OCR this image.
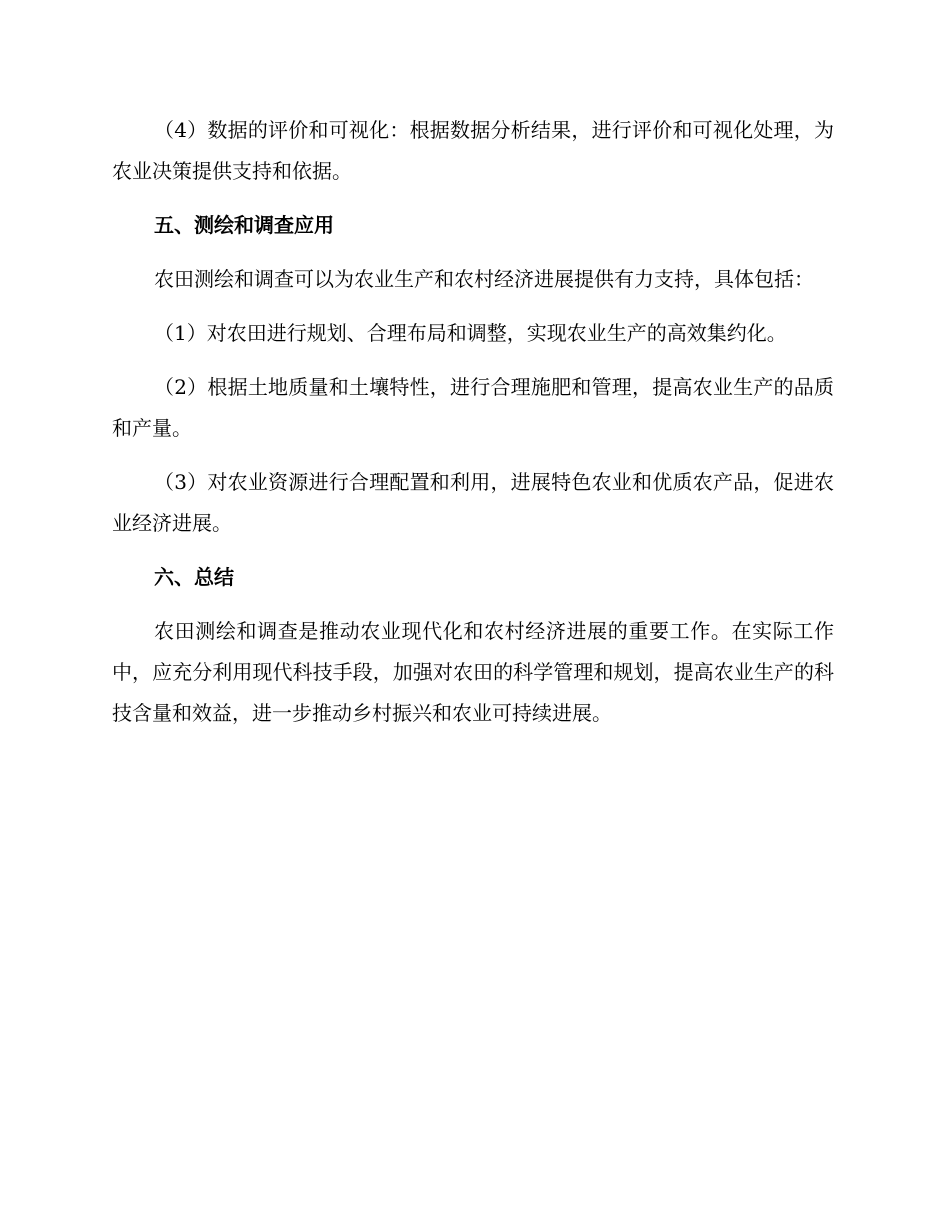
（4）数据的评价和可视化：根据数据分析结果，进行评价和可视化处理，为农业决策提供支持和依据。

五、测绘和调查应用

农田测绘和调查可以为农业生产和农村经济进展提供有力支持，具体包括：

（1）对农田进行规划、合理布局和调整，实现农业生产的高效集约化。

（2）根据土地质量和土壤特性，进行合理施肥和管理，提高农业生产的品质和产量。

（3）对农业资源进行合理配置和利用，进展特色农业和优质农产品，促进农业经济进展。

六、总结

农田测绘和调查是推动农业现代化和农村经济进展的重要工作。在实际工作中，应充分利用现代科技手段，加强对农田的科学管理和规划，提高农业生产的科技含量和效益，进一步推动乡村振兴和农业可持续进展。
